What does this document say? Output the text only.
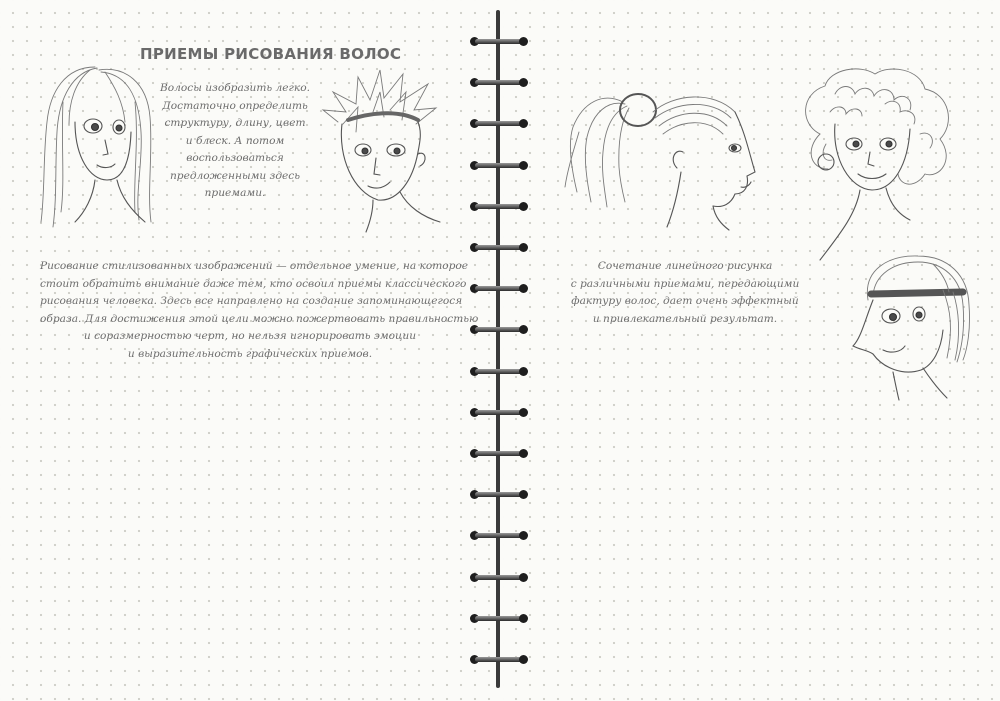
ПРИЕМЫ РИСОВАНИЯ ВОЛОС
Волосы изобразить легко.
Достаточно определить
структуру, длину, цвет
и блеск. А потом
воспользоваться
предложенными здесь
приемами.
Рисование стилизованных изображений — отдельное умение, на которое
стоит обратить внимание даже тем, кто освоил приемы классического
рисования человека. Здесь все направлено на создание запоминающегося
образа. Для достижения этой цели можно пожертвовать правильностью
и соразмерностью черт, но нельзя игнорировать эмоции
и выразительность графических приемов.
Сочетание линейного рисунка
с различными приемами, передающими
фактуру волос, дает очень эффектный
и привлекательный результат.
